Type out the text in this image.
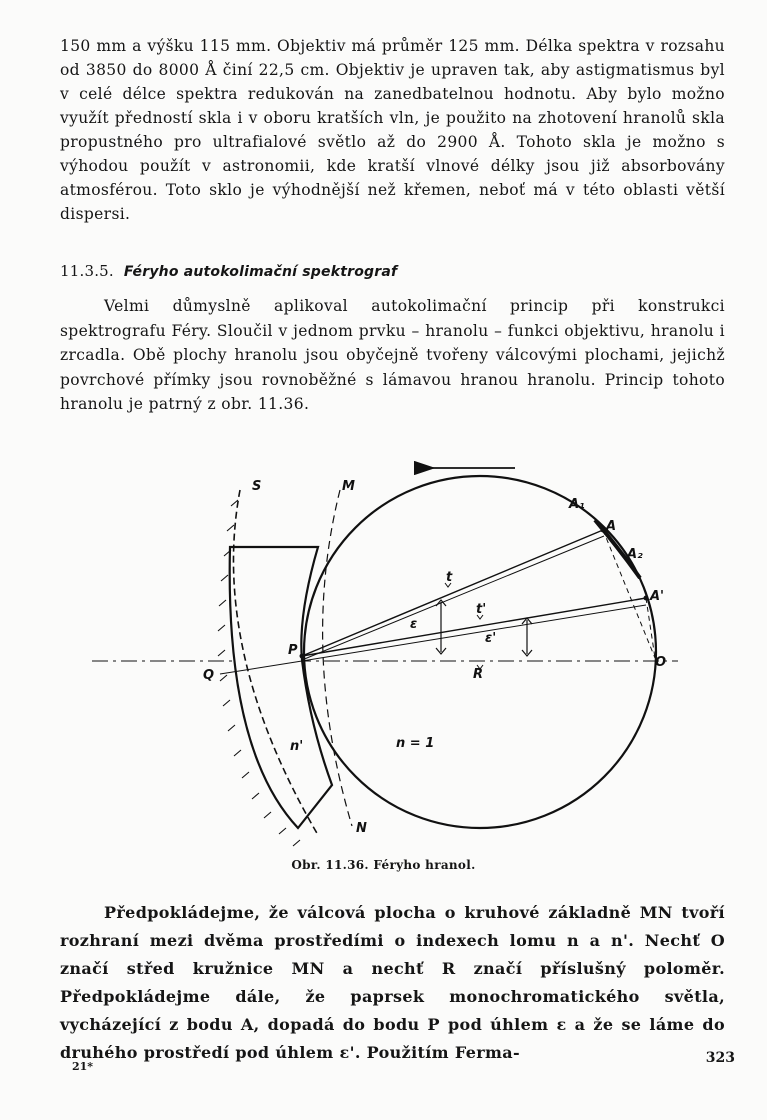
150 mm a výšku 115 mm. Objektiv má průměr 125 mm. Délka spektra v rozsahu od 3850 do 8000 Å činí 22,5 cm. Objektiv je upraven tak, aby astigmatismus byl v celé délce spektra redukován na zanedbatelnou hodnotu. Aby bylo možno využít předností skla i v oboru kratších vln, je použito na zhotovení hranolů skla propustného pro ultrafialové světlo až do 2900 Å. Tohoto skla je možno s výhodou použít v astronomii, kde kratší vlnové délky jsou již absorbovány atmosférou. Toto sklo je výhodnější než křemen, neboť má v této oblasti větší dispersi.
11.3.5. Féryho autokolimační spektrograf
Velmi důmyslně aplikoval autokolimační princip při konstrukci spektrografu Féry. Sloučil v jednom prvku – hranolu – funkci objektivu, hranolu i zrcadla. Obě plochy hranolu jsou obyčejně tvořeny válcovými plochami, jejichž povrchové přímky jsou rovnoběžné s lámavou hranou hranolu. Princip tohoto hranolu je patrný z obr. 11.36.
S	M
A₁
A
A₂
A'
t
t'
ε
ε'
P
Q
O
R
n'	n = 1
N
Obr. 11.36. Féryho hranol.
Předpokládejme, že válcová plocha o kruhové základně MN tvoří rozhraní mezi dvěma prostředími o indexech lomu n a n'. Nechť O značí střed kružnice MN a nechť R značí příslušný poloměr. Předpokládejme dále, že paprsek monochromatického světla, vycházející z bodu A, dopadá do bodu P pod úhlem ε a že se láme do druhého prostředí pod úhlem ε'. Použitím Ferma-
21*
323
